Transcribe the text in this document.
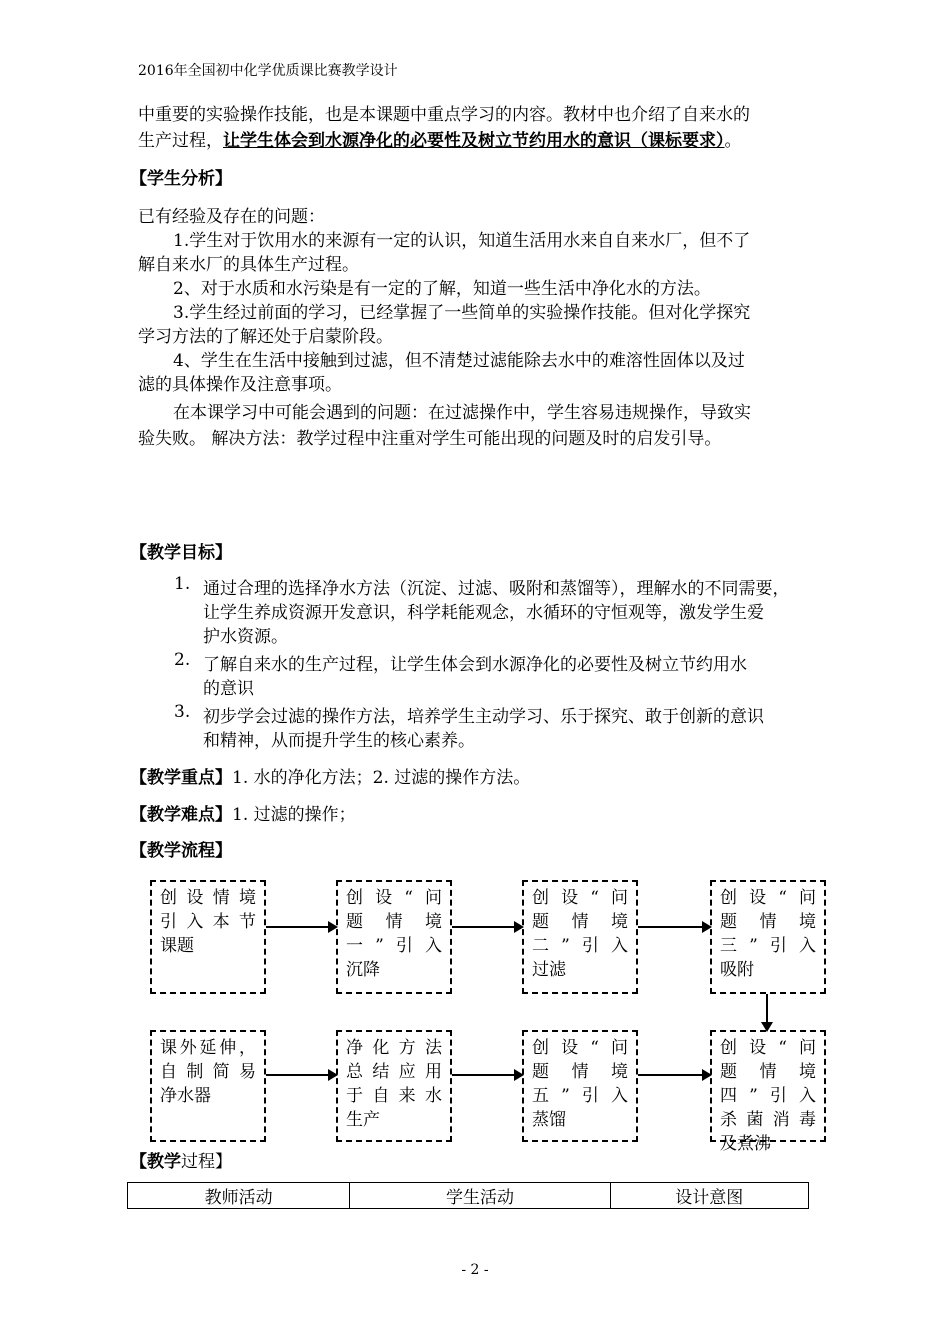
2016年全国初中化学优质课比赛教学设计
中重要的实验操作技能，也是本课题中重点学习的内容。教材中也介绍了自来水的
生产过程，让学生体会到水源净化的必要性及树立节约用水的意识（课标要求）。
【学生分析】
已有经验及存在的问题：
1.学生对于饮用水的来源有一定的认识，知道生活用水来自自来水厂，但不了
解自来水厂的具体生产过程。
2、对于水质和水污染是有一定的了解，知道一些生活中净化水的方法。
3.学生经过前面的学习，已经掌握了一些简单的实验操作技能。但对化学探究
学习方法的了解还处于启蒙阶段。
4、学生在生活中接触到过滤，但不清楚过滤能除去水中的难溶性固体以及过
滤的具体操作及注意事项。
在本课学习中可能会遇到的问题：在过滤操作中，学生容易违规操作，导致实
验失败。 解决方法：教学过程中注重对学生可能出现的问题及时的启发引导。
【教学目标】
1. 通过合理的选择净水方法（沉淀、过滤、吸附和蒸馏等），理解水的不同需要，
让学生养成资源开发意识，科学耗能观念，水循环的守恒观等，激发学生爱
护水资源。
2. 了解自来水的生产过程，让学生体会到水源净化的必要性及树立节约用水
的意识
3. 初步学会过滤的操作方法，培养学生主动学习、乐于探究、敢于创新的意识
和精神，从而提升学生的核心素养。
【教学重点】1. 水的净化方法；2. 过滤的操作方法。
【教学难点】1. 过滤的操作；
【教学流程】
创设情境
引入本节
课题
创设“问
题情境
一”引入
沉降
创设“问
题情境
二”引入
过滤
创设“问
题情境
三”引入
吸附
课外延伸，
自制简易
净水器
净化方法
总结应用
于自来水
生产
创设“问
题情境
五”引入
蒸馏
创设“问
题情境
四”引入
杀菌消毒
及煮沸
【教学过程】
教师活动	学生活动	设计意图
- 2 -
